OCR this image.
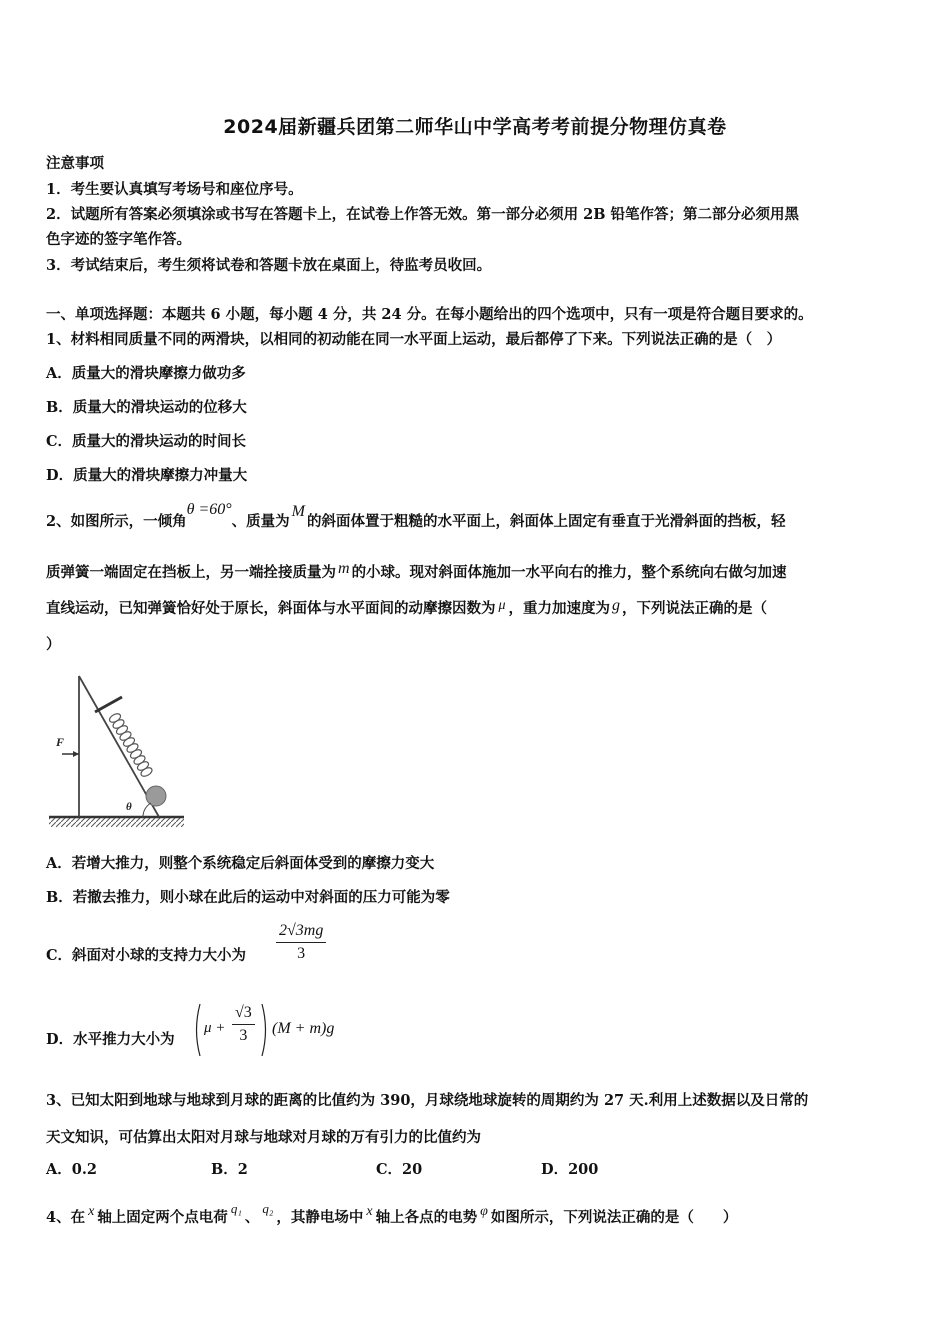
2024届新疆兵团第二师华山中学高考考前提分物理仿真卷
注意事项
1．考生要认真填写考场号和座位序号。
2．试题所有答案必须填涂或书写在答题卡上，在试卷上作答无效。第一部分必须用 2B 铅笔作答；第二部分必须用黑
色字迹的签字笔作答。
3．考试结束后，考生须将试卷和答题卡放在桌面上，待监考员收回。
一、单项选择题：本题共 6 小题，每小题 4 分，共 24 分。在每小题给出的四个选项中，只有一项是符合题目要求的。
1、材料相同质量不同的两滑块，以相同的初动能在同一水平面上运动，最后都停了下来。下列说法正确的是（　）
A．质量大的滑块摩擦力做功多
B．质量大的滑块运动的位移大
C．质量大的滑块运动的时间长
D．质量大的滑块摩擦力冲量大
2、如图所示，一倾角θ =60°、质量为M的斜面体置于粗糙的水平面上，斜面体上固定有垂直于光滑斜面的挡板，轻
质弹簧一端固定在挡板上，另一端拴接质量为 m 的小球。现对斜面体施加一水平向右的推力，整个系统向右做匀加速
直线运动，已知弹簧恰好处于原长，斜面体与水平面间的动摩擦因数为 μ ，重力加速度为 g ，下列说法正确的是（
）
F
θ
A．若增大推力，则整个系统稳定后斜面体受到的摩擦力变大
B．若撤去推力，则小球在此后的运动中对斜面的压力可能为零
C．斜面对小球的支持力大小为 $\frac{2√3mg}{3}$
D．水平推力大小为
$\mu + \frac{√3}{3} (M + m)g$
3、已知太阳到地球与地球到月球的距离的比值约为 390，月球绕地球旋转的周期约为 27 天.利用上述数据以及日常的
天文知识，可估算出太阳对月球与地球对月球的万有引力的比值约为
A．0.2	B．2	C．20	D．200
4、在 x 轴上固定两个点电荷q₁、q₂，其静电场中 x 轴上各点的电势 φ 如图所示，下列说法正确的是（　　）
